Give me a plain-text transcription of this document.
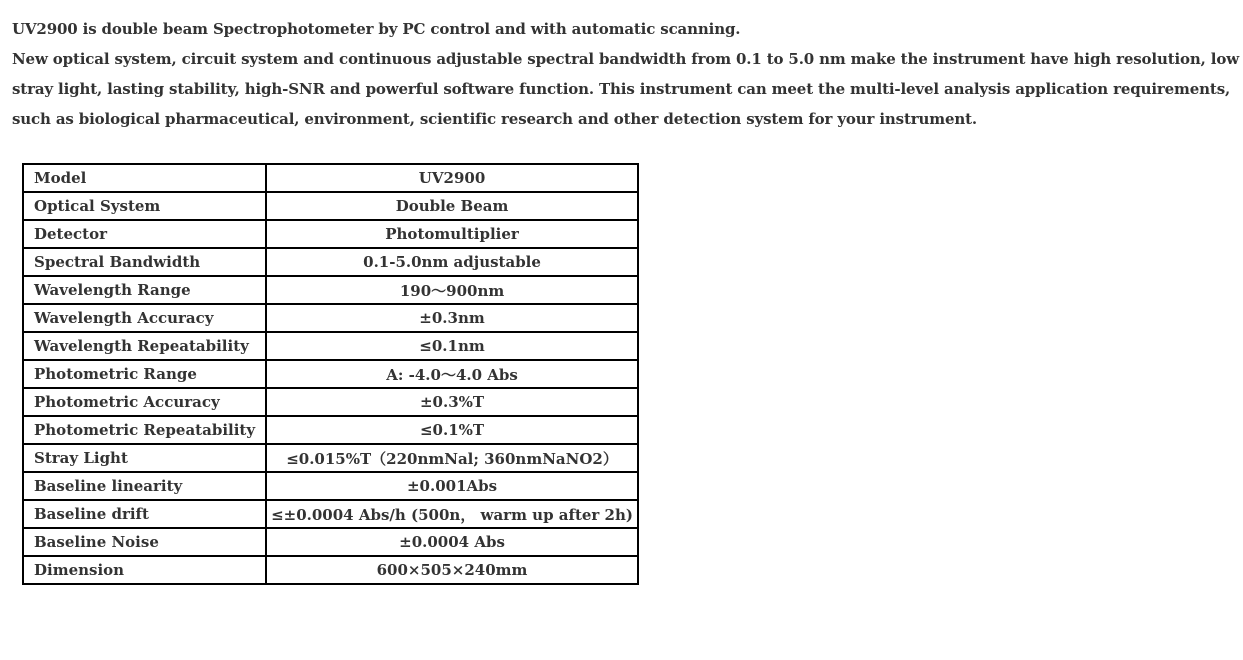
UV2900 is double beam Spectrophotometer by PC control and with automatic scanning.

New optical system, circuit system and continuous adjustable spectral bandwidth from 0.1 to 5.0 nm make the instrument have high resolution, low stray light, lasting stability, high-SNR and powerful software function. This instrument can meet the multi-level analysis application requirements, such as biological pharmaceutical, environment, scientific research and other detection system for your instrument.

Model	UV2900
Optical System	Double Beam
Detector	Photomultiplier
Spectral Bandwidth	0.1-5.0nm adjustable
Wavelength Range	190～900nm
Wavelength Accuracy	±0.3nm
Wavelength Repeatability	≤0.1nm
Photometric Range	A: -4.0～4.0 Abs
Photometric Accuracy	±0.3%T
Photometric Repeatability	≤0.1%T
Stray Light	≤0.015%T（220nmNal; 360nmNaNO2）
Baseline linearity	±0.001Abs
Baseline drift	≤±0.0004 Abs/h (500n， warm up after 2h)
Baseline Noise	±0.0004 Abs
Dimension	600×505×240mm
